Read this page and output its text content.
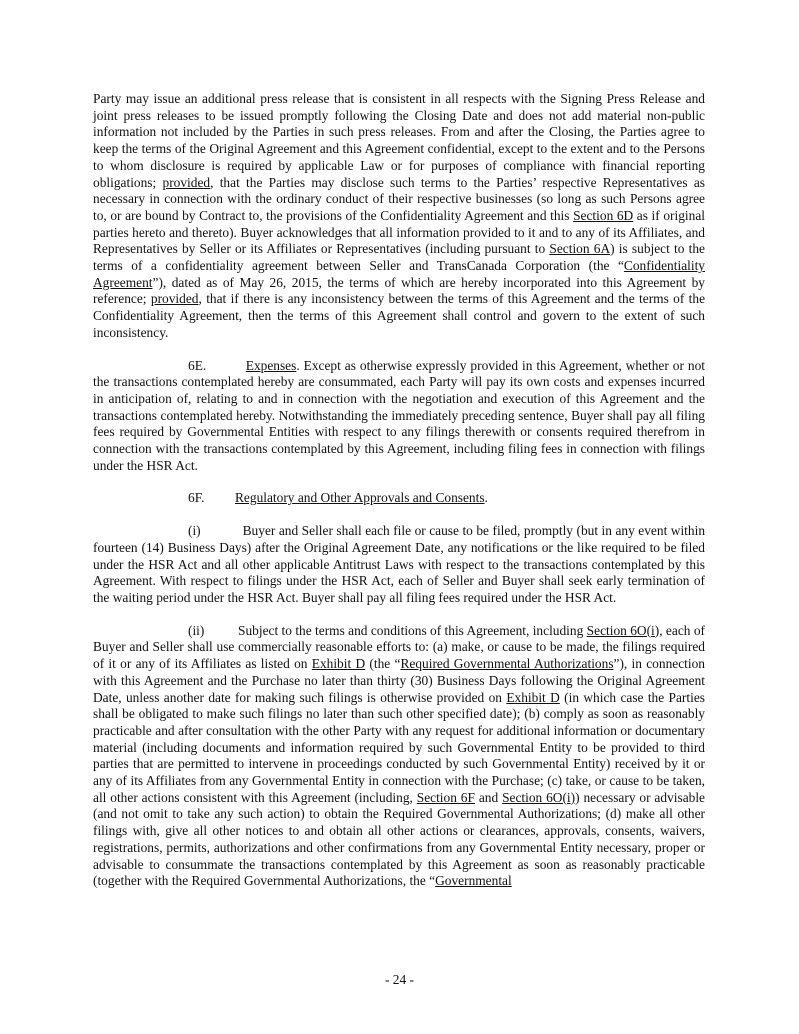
Party may issue an additional press release that is consistent in all respects with the Signing Press Release and joint press releases to be issued promptly following the Closing Date and does not add material non-public information not included by the Parties in such press releases. From and after the Closing, the Parties agree to keep the terms of the Original Agreement and this Agreement confidential, except to the extent and to the Persons to whom disclosure is required by applicable Law or for purposes of compliance with financial reporting obligations; provided, that the Parties may disclose such terms to the Parties’ respective Representatives as necessary in connection with the ordinary conduct of their respective businesses (so long as such Persons agree to, or are bound by Contract to, the provisions of the Confidentiality Agreement and this Section 6D as if original parties hereto and thereto). Buyer acknowledges that all information provided to it and to any of its Affiliates, and Representatives by Seller or its Affiliates or Representatives (including pursuant to Section 6A) is subject to the terms of a confidentiality agreement between Seller and TransCanada Corporation (the “Confidentiality Agreement”), dated as of May 26, 2015, the terms of which are hereby incorporated into this Agreement by reference; provided, that if there is any inconsistency between the terms of this Agreement and the terms of the Confidentiality Agreement, then the terms of this Agreement shall control and govern to the extent of such inconsistency.

6E.	Expenses. Except as otherwise expressly provided in this Agreement, whether or not the transactions contemplated hereby are consummated, each Party will pay its own costs and expenses incurred in anticipation of, relating to and in connection with the negotiation and execution of this Agreement and the transactions contemplated hereby. Notwithstanding the immediately preceding sentence, Buyer shall pay all filing fees required by Governmental Entities with respect to any filings therewith or consents required therefrom in connection with the transactions contemplated by this Agreement, including filing fees in connection with filings under the HSR Act.

6F. Regulatory and Other Approvals and Consents.

(i)	Buyer and Seller shall each file or cause to be filed, promptly (but in any event within fourteen (14) Business Days) after the Original Agreement Date, any notifications or the like required to be filed under the HSR Act and all other applicable Antitrust Laws with respect to the transactions contemplated by this Agreement. With respect to filings under the HSR Act, each of Seller and Buyer shall seek early termination of the waiting period under the HSR Act. Buyer shall pay all filing fees required under the HSR Act.

(ii)	Subject to the terms and conditions of this Agreement, including Section 6O(i), each of Buyer and Seller shall use commercially reasonable efforts to: (a) make, or cause to be made, the filings required of it or any of its Affiliates as listed on Exhibit D (the “Required Governmental Authorizations”), in connection with this Agreement and the Purchase no later than thirty (30) Business Days following the Original Agreement Date, unless another date for making such filings is otherwise provided on Exhibit D (in which case the Parties shall be obligated to make such filings no later than such other specified date); (b) comply as soon as reasonably practicable and after consultation with the other Party with any request for additional information or documentary material (including documents and information required by such Governmental Entity to be provided to third parties that are permitted to intervene in proceedings conducted by such Governmental Entity) received by it or any of its Affiliates from any Governmental Entity in connection with the Purchase; (c) take, or cause to be taken, all other actions consistent with this Agreement (including, Section 6F and Section 6O(i)) necessary or advisable (and not omit to take any such action) to obtain the Required Governmental Authorizations; (d) make all other filings with, give all other notices to and obtain all other actions or clearances, approvals, consents, waivers, registrations, permits, authorizations and other confirmations from any Governmental Entity necessary, proper or advisable to consummate the transactions contemplated by this Agreement as soon as reasonably practicable (together with the Required Governmental Authorizations, the “Governmental

- 24 -
